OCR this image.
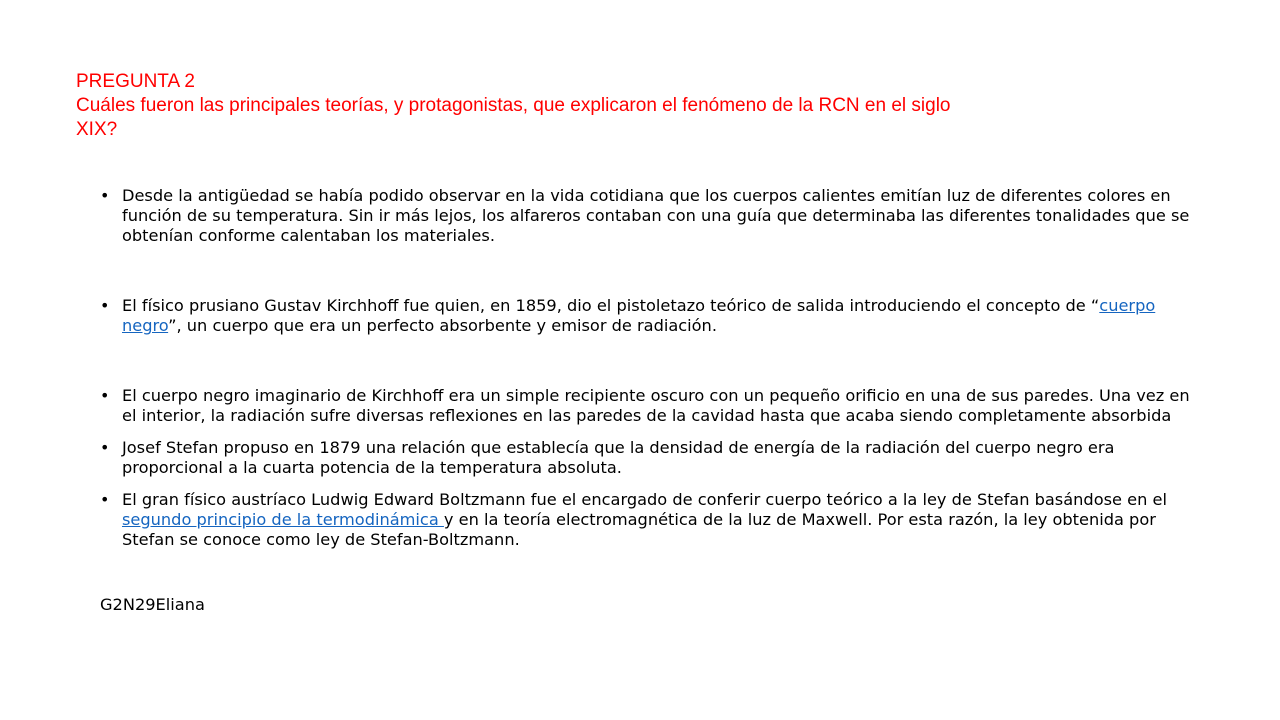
PREGUNTA 2
Cuáles fueron las principales teorías, y protagonistas, que explicaron el fenómeno de la RCN en el siglo
XIX?
• Desde la antigüedad se había podido observar en la vida cotidiana que los cuerpos calientes emitían luz de diferentes colores en función de su temperatura. Sin ir más lejos, los alfareros contaban con una guía que determinaba las diferentes tonalidades que se obtenían conforme calentaban los materiales.
• El físico prusiano Gustav Kirchhoff fue quien, en 1859, dio el pistoletazo teórico de salida introduciendo el concepto de “cuerpo negro”, un cuerpo que era un perfecto absorbente y emisor de radiación.
• El cuerpo negro imaginario de Kirchhoff era un simple recipiente oscuro con un pequeño orificio en una de sus paredes. Una vez en el interior, la radiación sufre diversas reflexiones en las paredes de la cavidad hasta que acaba siendo completamente absorbida
• Josef Stefan propuso en 1879 una relación que establecía que la densidad de energía de la radiación del cuerpo negro era proporcional a la cuarta potencia de la temperatura absoluta.
• El gran físico austríaco Ludwig Edward Boltzmann fue el encargado de conferir cuerpo teórico a la ley de Stefan basándose en el segundo principio de la termodinámica y en la teoría electromagnética de la luz de Maxwell. Por esta razón, la ley obtenida por Stefan se conoce como ley de Stefan-Boltzmann.
G2N29Eliana
